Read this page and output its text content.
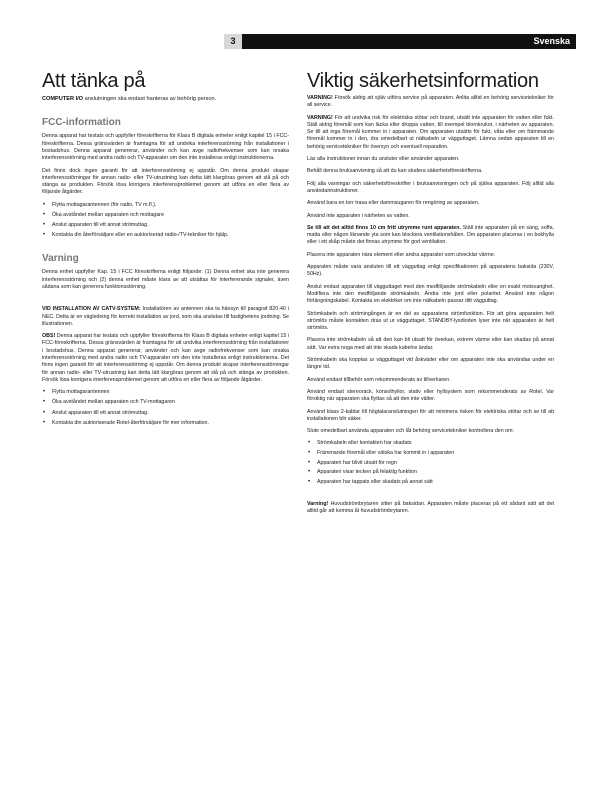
3	Svenska
Att tänka på

COMPUTER I/O anslutningen ska endast hanteras av behörig person.

FCC-information

Denna apparat har testats och uppfyller föreskrifterna för Klass B digitala enheter enligt kapitel 15 i FCC-föreskrifterna. Dessa gränsvärden är framtagna för att undvika interferensstörning från installationer i bostadshus. Denna apparat genererar, använder och kan avge radiofrekvenser som kan orsaka interferensstörning med andra radio och TV-apparater om den inte installeras enligt instruktionerna.

Det finns dock ingen garanti för att interferensstörning ej uppstår. Om denna produkt skapar interferensstörningar för annan radio- eller TV-utrustning kan detta lätt klargöras genom att slå på och stänga av produkten. Försök lösa korrigera interferensproblemet genom att utföra en eller flera av följande åtgärder.

• Flytta mottagarantennen (för radio, TV m.fl.).
• Öka avståndet mellan apparaten och mottagare
• Anslut apparaten till ett annat strömuttag.
• Kontakta din återförsäljare eller en auktoriserad radio-/TV-tekniker för hjälp.
Varning

Denna enhet uppfyller Kap. 15 i FCC föreskrifterna enligt följande: (1) Denna enhet ska inte generera interferensstörning och (2) denna enhet måste klara av att utsättas för interfererande signaler, även sådana som kan generera funktionsstörning.

VID INSTALLATION AV CATV-SYSTEM: Installatören av antennen ska ta hänsyn till paragraf 820-40 i NEC. Detta är en vägledning för korrekt installation av jord, som ska anslutas till fastighetens jordning. Se illustrationen.

OBS! Denna apparat har testats och uppfyller föreskrifterna för Klass B digitala enheter enligt kapitel 15 i FCC-föreskrifterna. Dessa gränsvärden är framtagna för att undvika interferensstörning från installationer i bostadshus. Denna apparat genererar, använder och kan avge radiofrekvenser som kan orsaka interferensstörning med andra radio och TV-apparater om den inte installeras enligt instruktionerna. Det finns ingen garanti för att interferensstörning ej uppstår. Om denna produkt skapar interferensstörningar för annan radio- eller TV-utrustning kan detta lätt klargöras genom att slå på och stänga av produkten. Försök lösa korrigera interferensproblemet genom att utföra en eller flera av följande åtgärder.

• Flytta mottagarantennen
• Öka avståndet mellan apparaten och TV-mottagaren
• Anslut apparaten till ett annat strömuttag.
• Kontakta din auktoriserade Rotel-återförsäljare för mer information.
Viktig säkerhetsinformation

VARNING! Försök aldrig att själv utföra service på apparaten. Anlita alltid en behörig servicetekniker för all service.

VARNING! För att undvika risk för elektriska stötar och brand, utsätt inte apparaten för vatten eller fukt. Ställ aldrig föremål som kan läcka eller droppa vatten, till exempel blomkrukor, i närheten av apparaten. Se till att inga föremål kommer in i apparaten. Om apparaten utsätts för fukt, våta eller om främmande föremål kommer in i den, dra omedelbart ut nätkabeln ur vägguttaget. Lämna sedan apparaten till en behörig servicetekniker för översyn och eventuell reparation.

Läs alla instruktioner innan du ansluter eller använder apparaten.

Behåll denna bruksanvisning så att du kan studera säkerhetsföreskrifterna.

Följ alla varningar och säkerhetsföreskrifter i bruksanvisningen och på själva apparaten. Följ alltid alla användarinstruktioner.

Använd bara en torr trasa eller dammsugaren för rengöring av apparaten.

Använd inte apparaten i närheten av vatten.

Se till att det alltid finns 10 cm fritt utrymme runt apparaten. Ställ inte apparaten på en säng, soffa, matta eller någon liknande yta som kan blockera ventilationshålen. Om apparaten placeras i en bokhylla eller i ett skåp måste det finnas utrymme för god ventilation.

Placera inte apparaten nära element eller andra apparater som utvecklar värme.

Apparaten måste vara ansluten till ett vägguttag enligt specifikationen på apparatens baksida (230V, 50Hz).

Anslut endast apparaten till vägguttaget med den medföljande strömkabeln eller en exakt motsvarighet. Modifiera inte den medföljande strömkabeln. Ändra inte jord eller polaritet. Använd inte någon förlängningskabel. Kontakta en elektriker om inte nätkabeln passar ditt vägguttag.

Strömkabeln och strömingången är en del av apparatens strömfunktion. För att göra apparaten helt strömlös måste kontakten dras ut ur vägguttaget. STANDBY-lysdioden lyser inte när apparaten är helt strömlös.

Placera inte strömkabeln så att den kan bli utsatt för överkan, extrem värme eller kan skadas på annat sätt. Var extra noga med att inte skada kabelns ändar.

Strömkabeln ska kopplas ur vägguttaget vid åskväder eller om apparaten inte ska användas under en längre tid.

Använd endast tillbehör som rekommenderats av tillverkaren.

Använd endast stereorack, konsolhyllor, stativ eller hyllsystem som rekommenderats av Rotel. Var försiktig när apparaten ska flyttas så att den inte välter.

Använd klass 2-kablar till högtalaranslutningen för att minimera risken för elektriska stötar och se till att installationen blir säker.

Slute omedelbart använda apparaten och låt behörig servicetekniker kontrollera den om:

• Strömkabeln eller kontakten har skadats
• Främmande föremål eller vätska har kommit in i apparaten
• Apparaten har blivit utsatt för regn
• Apparaten visar tecken på felaktig funktion
• Apparaten har tappats eller skadats på annat sätt

Varning! Huvudströmbrytaren sitter på baksidan. Apparaten måste placeras på ett sådant sätt att det alltid går att komma åt huvudströmbrytaren.
